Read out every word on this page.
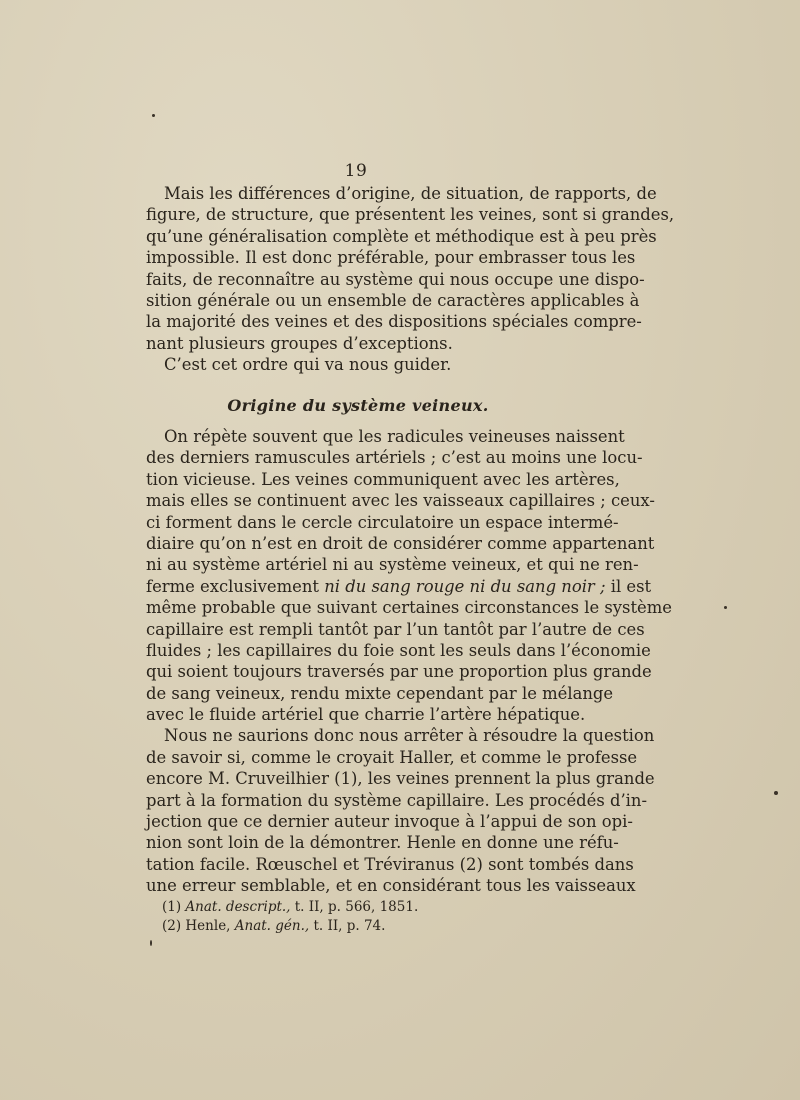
19
Mais les différences d’origine, de situation, de rapports, de
figure, de structure, que présentent les veines, sont si grandes,
qu’une généralisation complète et méthodique est à peu près
impossible. Il est donc préférable, pour embrasser tous les
faits, de reconnaître au système qui nous occupe une dispo-
sition générale ou un ensemble de caractères applicables à
la majorité des veines et des dispositions spéciales compre-
nant plusieurs groupes d’exceptions.
C’est cet ordre qui va nous guider.
Origine du système veineux.
On répète souvent que les radicules veineuses naissent
des derniers ramuscules artériels ; c’est au moins une locu-
tion vicieuse. Les veines communiquent avec les artères,
mais elles se continuent avec les vaisseaux capillaires ; ceux-
ci forment dans le cercle circulatoire un espace intermé-
diaire qu’on n’est en droit de considérer comme appartenant
ni au système artériel ni au système veineux, et qui ne ren-
ferme exclusivement ni du sang rouge ni du sang noir ; il est
même probable que suivant certaines circonstances le système
capillaire est rempli tantôt par l’un tantôt par l’autre de ces
fluides ; les capillaires du foie sont les seuls dans l’économie
qui soient toujours traversés par une proportion plus grande
de sang veineux, rendu mixte cependant par le mélange
avec le fluide artériel que charrie l’artère hépatique.
Nous ne saurions donc nous arrêter à résoudre la question
de savoir si, comme le croyait Haller, et comme le professe
encore M. Cruveilhier (1), les veines prennent la plus grande
part à la formation du système capillaire. Les procédés d’in-
jection que ce dernier auteur invoque à l’appui de son opi-
nion sont loin de la démontrer. Henle en donne une réfu-
tation facile. Rœuschel et Tréviranus (2) sont tombés dans
une erreur semblable, et en considérant tous les vaisseaux
(1) Anat. descript., t. II, p. 566, 1851.
(2) Henle, Anat. gén., t. II, p. 74.
